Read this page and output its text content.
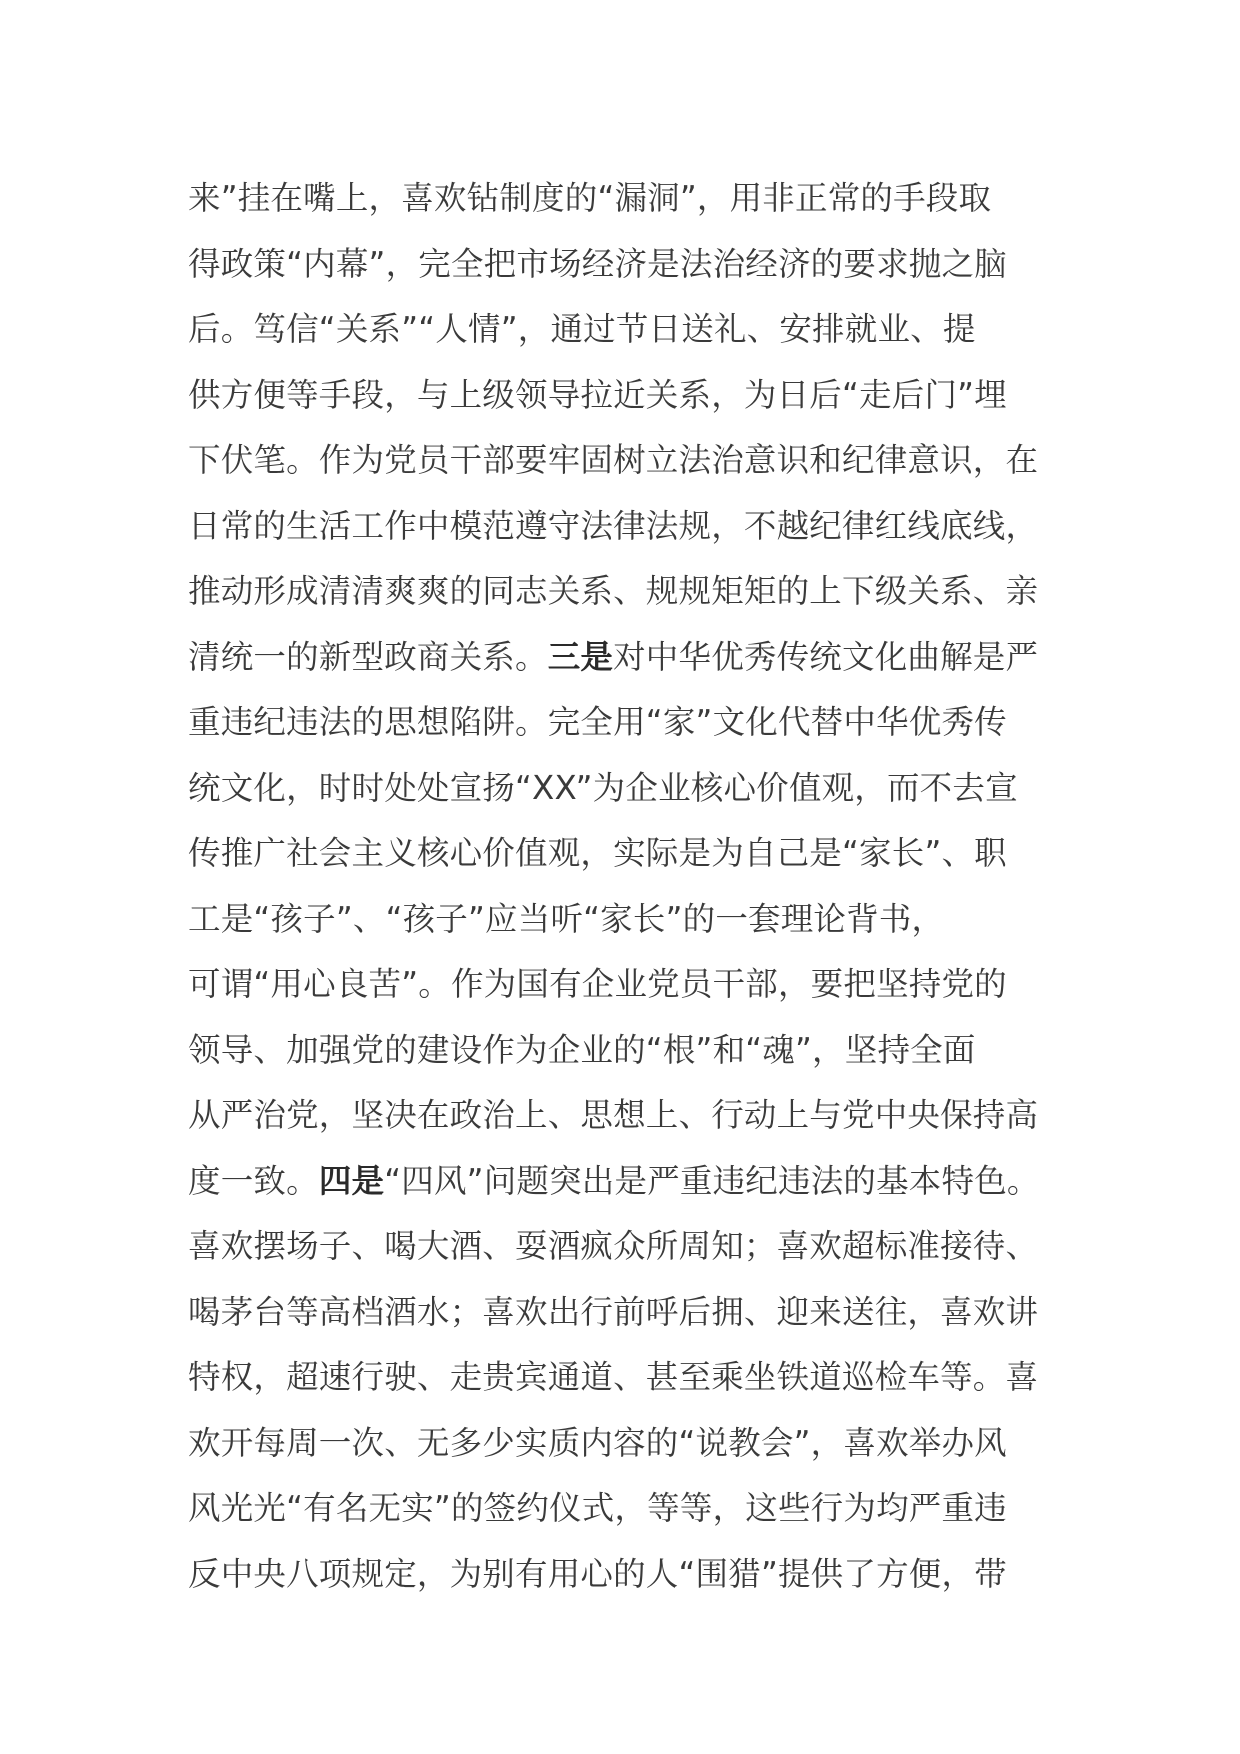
来”挂在嘴上，喜欢钻制度的“漏洞”，用非正常的手段取
得政策“内幕”，完全把市场经济是法治经济的要求抛之脑
后。笃信“关系”“人情”，通过节日送礼、安排就业、提
供方便等手段，与上级领导拉近关系，为日后“走后门”埋
下伏笔。作为党员干部要牢固树立法治意识和纪律意识，在
日常的生活工作中模范遵守法律法规，不越纪律红线底线，
推动形成清清爽爽的同志关系、规规矩矩的上下级关系、亲
清统一的新型政商关系。三是对中华优秀传统文化曲解是严
重违纪违法的思想陷阱。完全用“家”文化代替中华优秀传
统文化，时时处处宣扬“XX”为企业核心价值观，而不去宣
传推广社会主义核心价值观，实际是为自己是“家长”、职
工是“孩子”、“孩子”应当听“家长”的一套理论背书，
可谓“用心良苦”。作为国有企业党员干部，要把坚持党的
领导、加强党的建设作为企业的“根”和“魂”，坚持全面
从严治党，坚决在政治上、思想上、行动上与党中央保持高
度一致。四是“四风”问题突出是严重违纪违法的基本特色。
喜欢摆场子、喝大酒、耍酒疯众所周知；喜欢超标准接待、
喝茅台等高档酒水；喜欢出行前呼后拥、迎来送往，喜欢讲
特权，超速行驶、走贵宾通道、甚至乘坐铁道巡检车等。喜
欢开每周一次、无多少实质内容的“说教会”，喜欢举办风
风光光“有名无实”的签约仪式，等等，这些行为均严重违
反中央八项规定，为别有用心的人“围猎”提供了方便，带
